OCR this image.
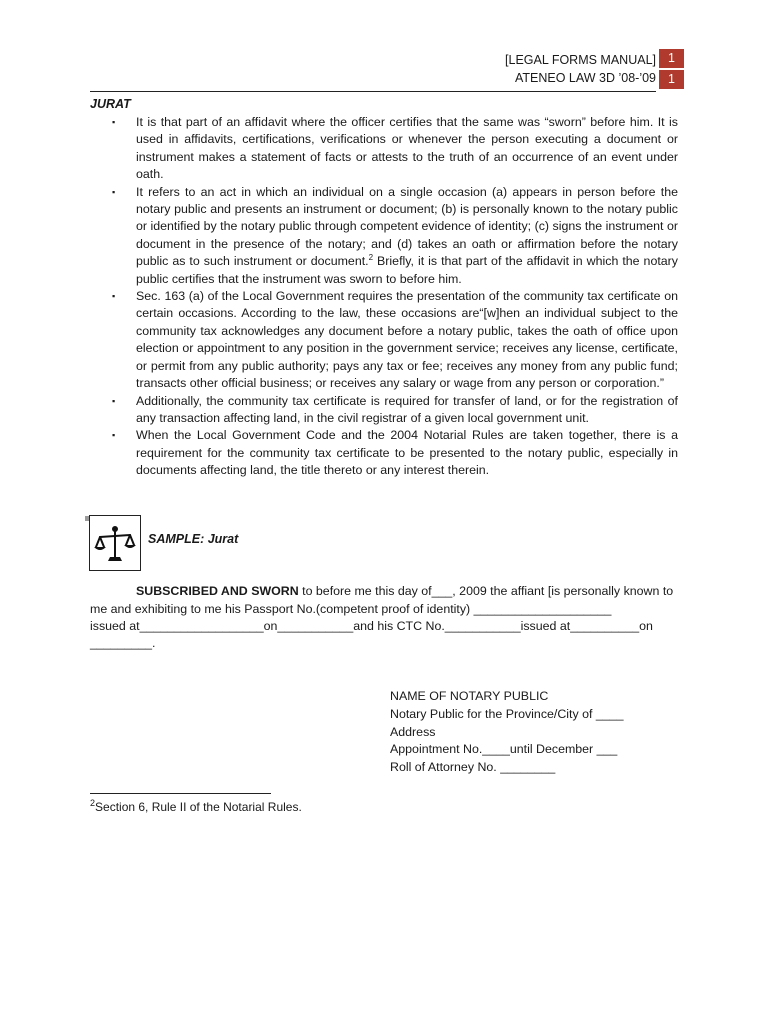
[LEGAL FORMS MANUAL]
ATENEO LAW 3D ’08-’09
1
1
JURAT
▪ It is that part of an affidavit where the officer certifies that the same was “sworn” before him. It is used in affidavits, certifications, verifications or whenever the person executing a document or instrument makes a statement of facts or attests to the truth of an occurrence of an event under oath.
▪ It refers to an act in which an individual on a single occasion (a) appears in person before the notary public and presents an instrument or document; (b) is personally known to the notary public or identified by the notary public through competent evidence of identity; (c) signs the instrument or document in the presence of the notary; and (d) takes an oath or affirmation before the notary public as to such instrument or document.$^2$ Briefly, it is that part of the affidavit in which the notary public certifies that the instrument was sworn to before him.
▪ Sec. 163 (a) of the Local Government requires the presentation of the community tax certificate on certain occasions. According to the law, these occasions are“[w]hen an individual subject to the community tax acknowledges any document before a notary public, takes the oath of office upon election or appointment to any position in the government service; receives any license, certificate, or permit from any public authority; pays any tax or fee; receives any money from any public fund; transacts other official business; or receives any salary or wage from any person or corporation.”
▪ Additionally, the community tax certificate is required for transfer of land, or for the registration of any transaction affecting land, in the civil registrar of a given local government unit.
▪ When the Local Government Code and the 2004 Notarial Rules are taken together, there is a requirement for the community tax certificate to be presented to the notary public, especially in documents affecting land, the title thereto or any interest therein.
SAMPLE: Jurat
SUBSCRIBED AND SWORN to before me this day of___, 2009 the affiant [is personally known to
me and exhibiting to me his Passport No.(competent proof of identity) ____________________
issued at__________________on___________and his CTC No.___________issued at__________on
_________.
NAME OF NOTARY PUBLIC
Notary Public for the Province/City of ____
Address
Appointment No.____until December ___
Roll of Attorney No. ________
$^2$Section 6, Rule II of the Notarial Rules.
